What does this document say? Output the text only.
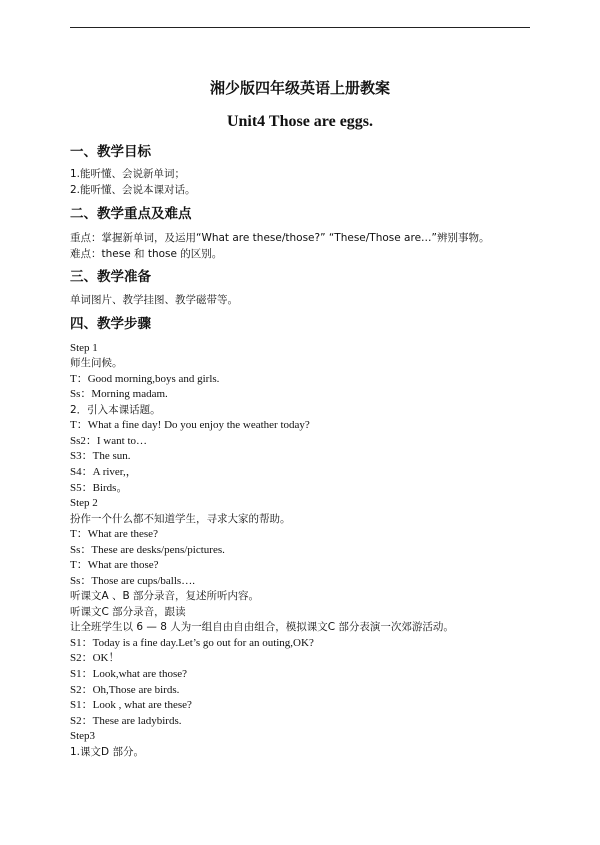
湘少版四年级英语上册教案
Unit4 Those are eggs.
一、教学目标
1.能听懂、会说新单词；
2.能听懂、会说本课对话。
二、教学重点及难点
重点：掌握新单词，及运用“What are these/those?” “These/Those are…”辨别事物。
难点：these 和 those 的区别。
三、教学准备
单词图片、教学挂图、教学磁带等。
四、教学步骤
Step 1
师生问候。
T：Good morning,boys and girls.
Ss：Morning madam.
2．引入本课话题。
T：What a fine day! Do you enjoy the weather today?
Ss2：I want to…
S3：The sun.
S4：A river,，
S5：Birds。
Step 2
扮作一个什么都不知道学生，寻求大家的帮助。
T：What are these?
Ss：These are desks/pens/pictures.
T：What are those?
Ss：Those are cups/balls….
听课文A 、B 部分录音，复述所听内容。
听课文C 部分录音，跟读
让全班学生以 6 — 8 人为一组自由自由组合，模拟课文C 部分表演一次郊游活动。
S1：Today is a fine day.Let’s go out for an outing,OK?
S2：OK！
S1：Look,what are those?
S2：Oh,Those are birds.
S1：Look , what are these?
S2：These are ladybirds.
Step3
1.课文D 部分。
